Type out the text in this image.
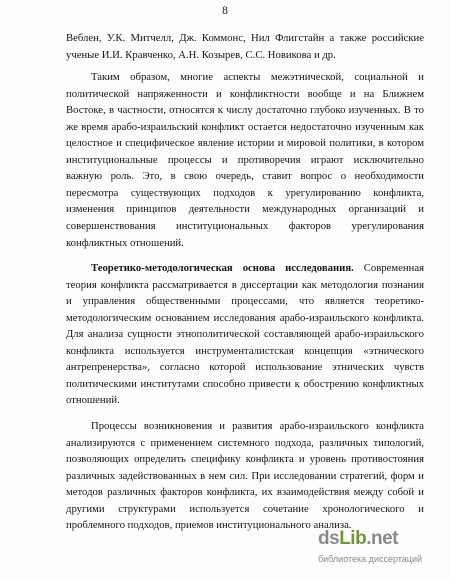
8

Веблен, У.К. Митчелл, Дж. Коммонс, Нил Флигстайн а также российские ученые И.И. Кравченко, А.Н. Козырев, С.С. Новикова и др.

Таким образом, многие аспекты межэтнической, социальной и политической напряженности и конфликтности вообще и на Ближнем Востоке, в частности, относятся к числу достаточно глубоко изученных. В то же время арабо-израильский конфликт остается недостаточно изученным как целостное и специфическое явление истории и мировой политики, в котором институциональные процессы и противоречия играют исключительно важную роль. Это, в свою очередь, ставит вопрос о необходимости пересмотра существующих подходов к урегулированию конфликта, изменения принципов деятельности международных организаций и совершенствования институциональных факторов урегулирования конфликтных отношений.

Теоретико-методологическая основа исследования. Современная теория конфликта рассматривается в диссертации как методология познания и управления общественными процессами, что является теоретико-методологическим основанием исследования арабо-израильского конфликта. Для анализа сущности этнополитической составляющей арабо-израильского конфликта используется инструменталистская концепция «этнического антрепренерства», согласно которой использование этнических чувств политическими институтами способно привести к обострению конфликтных отношений.

Процессы возникновения и развития арабо-израильского конфликта анализируются с применением системного подхода, различных типологий, позволяющих определить специфику конфликта и уровень противостояния различных задействованных в нем сил. При исследовании стратегий, форм и методов различных факторов конфликта, их взаимодействия между собой и другими структурами используется сочетание хронологического и проблемного подходов, приемов институционального анализа.

dsLib.net
библиотека диссертаций
